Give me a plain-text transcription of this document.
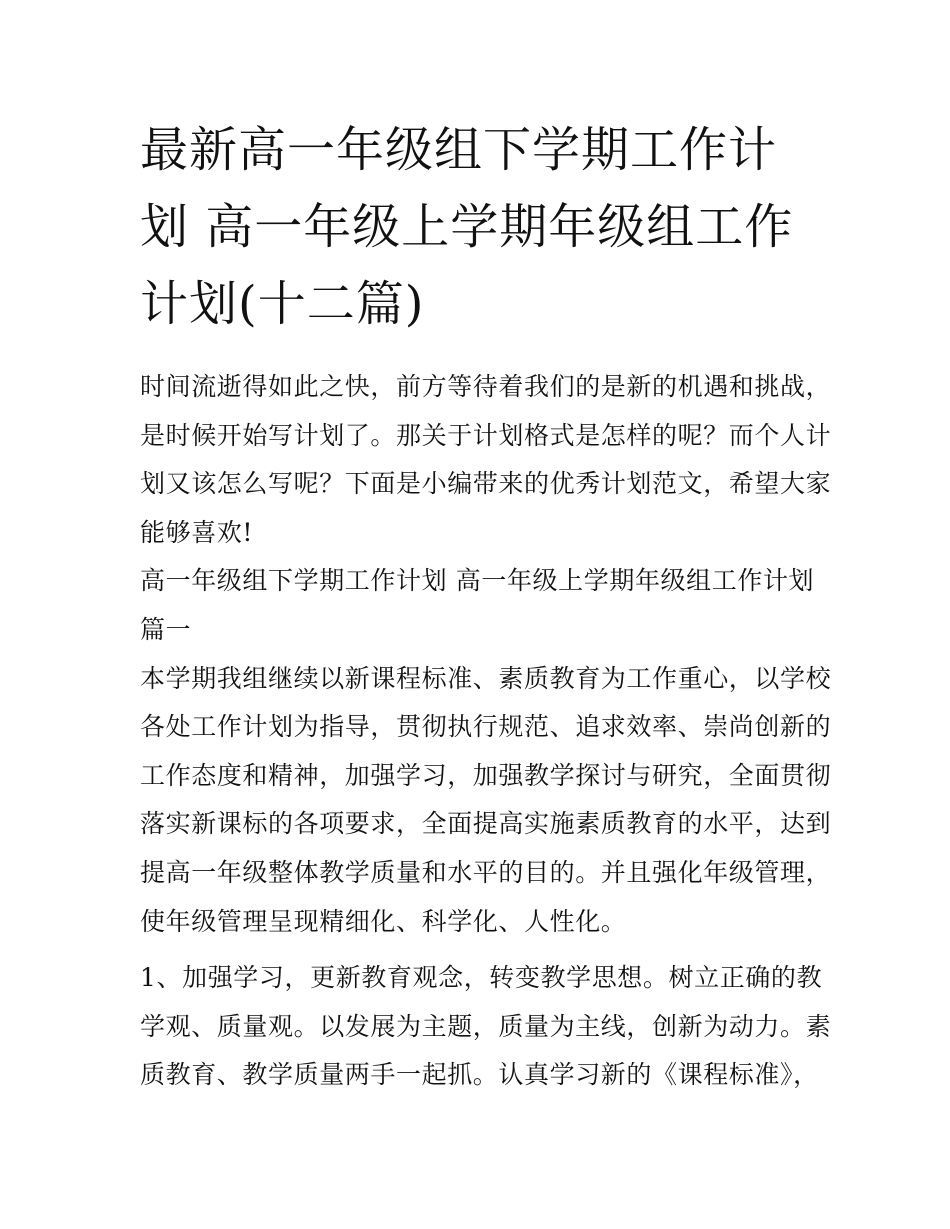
最新高一年级组下学期工作计
划 高一年级上学期年级组工作
计划(十二篇)

时间流逝得如此之快，前方等待着我们的是新的机遇和挑战，
是时候开始写计划了。那关于计划格式是怎样的呢？而个人计
划又该怎么写呢？下面是小编带来的优秀计划范文，希望大家
能够喜欢!

高一年级组下学期工作计划 高一年级上学期年级组工作计划
篇一

本学期我组继续以新课程标准、素质教育为工作重心，以学校
各处工作计划为指导，贯彻执行规范、追求效率、崇尚创新的
工作态度和精神，加强学习，加强教学探讨与研究，全面贯彻
落实新课标的各项要求，全面提高实施素质教育的水平，达到
提高一年级整体教学质量和水平的目的。并且强化年级管理，
使年级管理呈现精细化、科学化、人性化。

1、加强学习，更新教育观念，转变教学思想。树立正确的教
学观、质量观。以发展为主题，质量为主线，创新为动力。素
质教育、教学质量两手一起抓。认真学习新的《课程标准》，
